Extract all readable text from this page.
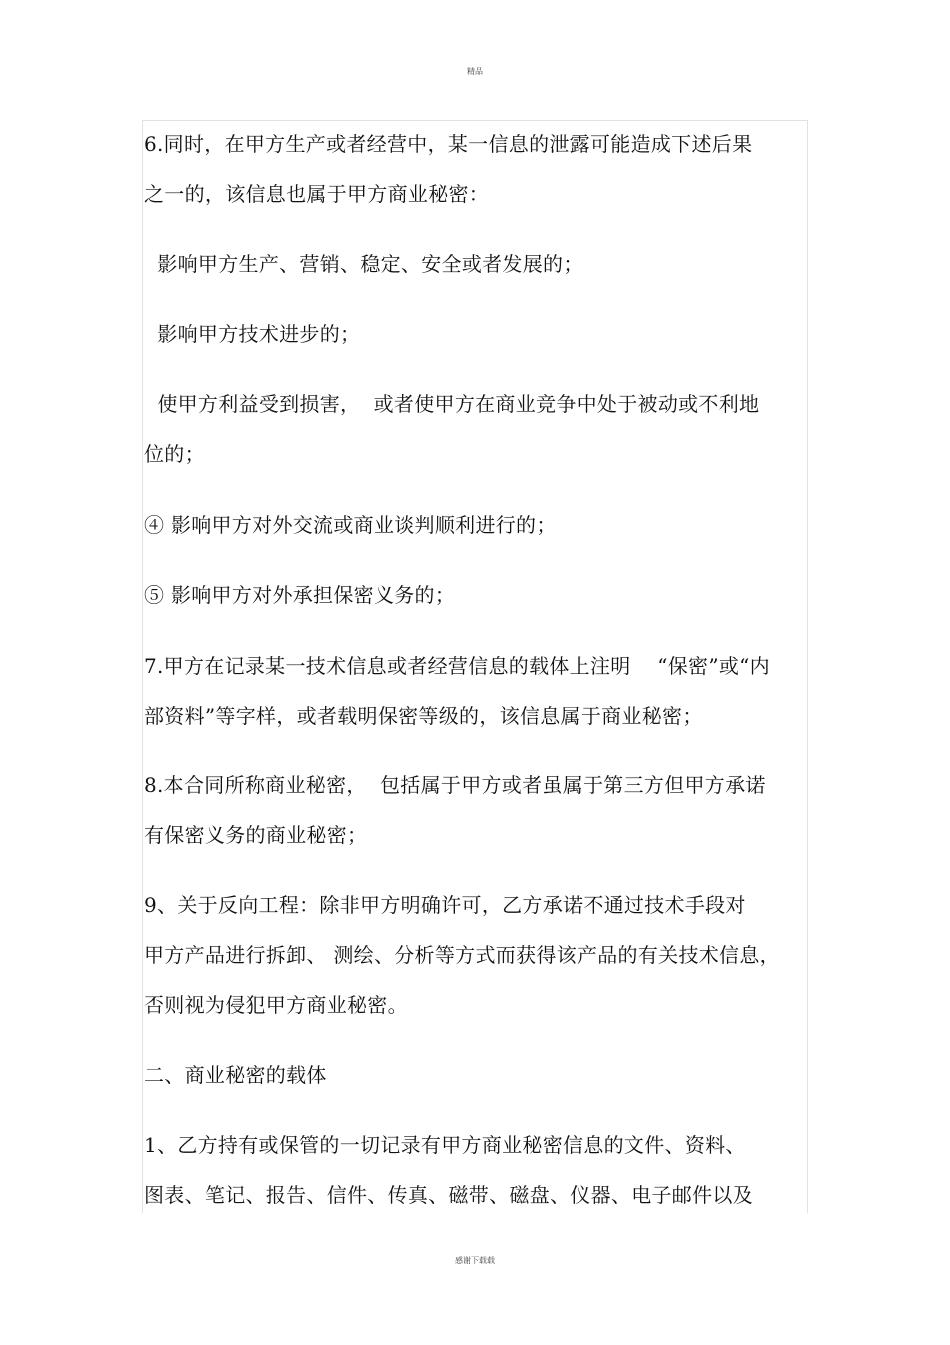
精品
6.同时，在甲方生产或者经营中，某一信息的泄露可能造成下述后果
之一的，该信息也属于甲方商业秘密：
影响甲方生产、营销、稳定、安全或者发展的；
影响甲方技术进步的；
使甲方利益受到损害，  或者使甲方在商业竞争中处于被动或不利地
位的；
④ 影响甲方对外交流或商业谈判顺利进行的；
⑤ 影响甲方对外承担保密义务的；
7.甲方在记录某一技术信息或者经营信息的载体上注明    “保密”或“内
部资料”等字样，或者载明保密等级的，该信息属于商业秘密；
8.本合同所称商业秘密，  包括属于甲方或者虽属于第三方但甲方承诺
有保密义务的商业秘密；
9、关于反向工程：除非甲方明确许可，乙方承诺不通过技术手段对
甲方产品进行拆卸、 测绘、分析等方式而获得该产品的有关技术信息，
否则视为侵犯甲方商业秘密。
二、商业秘密的载体
1、乙方持有或保管的一切记录有甲方商业秘密信息的文件、资料、
图表、笔记、报告、信件、传真、磁带、磁盘、仪器、电子邮件以及
感谢下载载
